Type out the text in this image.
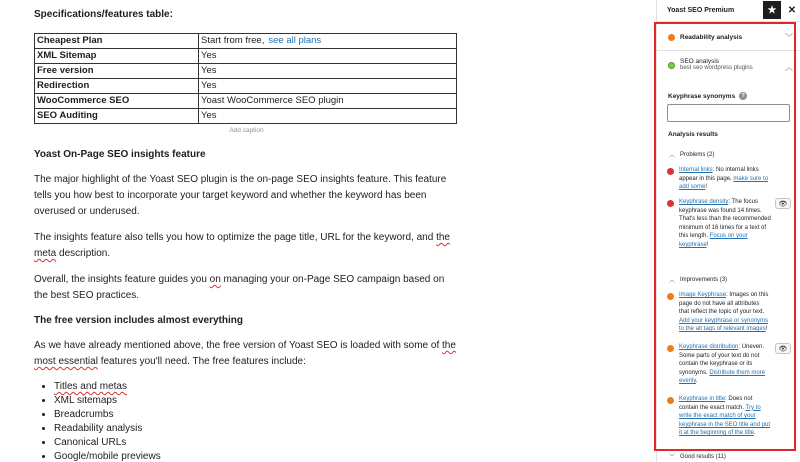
Specifications/features table:
Cheapest Plan	Start from free, see all plans
XML Sitemap	Yes
Free version	Yes
Redirection	Yes
WooCommerce SEO	Yoast WooCommerce SEO plugin
SEO Auditing	Yes
Add caption
Yoast On-Page SEO insights feature

The major highlight of the Yoast SEO plugin is the on-page SEO insights feature. This feature tells you how best to incorporate your target keyword and whether the keyword has been overused or underused.

The insights feature also tells you how to optimize the page title, URL for the keyword, and the meta description.

Overall, the insights feature guides you on managing your on-Page SEO campaign based on the best SEO practices.

The free version includes almost everything

As we have already mentioned above, the free version of Yoast SEO is loaded with some of the most essential features you'll need. The free features include:

• Titles and metas
• XML sitemaps
• Breadcrumbs
• Readability analysis
• Canonical URLs
• Google/mobile previews
Yoast SEO Premium	★	✕
Readability analysis	﹀
SEO analysis
best seo wordpress plugins	︿
Keyphrase synonyms	?
Analysis results
︿ Problems (2)
Internal links: No internal links appear in this page, make sure to add some!
Keyphrase density: The focus keyphrase was found 14 times. That's less than the recommended minimum of 16 times for a text of this length. Focus on your keyphrase!
👁
︿ Improvements (3)
Image Keyphrase: Images on this page do not have all attributes that reflect the topic of your text. Add your keyphrase or synonyms to the alt tags of relevant images!
Keyphrase distribution: Uneven. Some parts of your text do not contain the keyphrase or its synonyms. Distribute them more evenly.
👁
Keyphrase in title: Does not contain the exact match. Try to write the exact match of your keyphrase in the SEO title and put it at the beginning of the title.
﹀ Good results (11)
